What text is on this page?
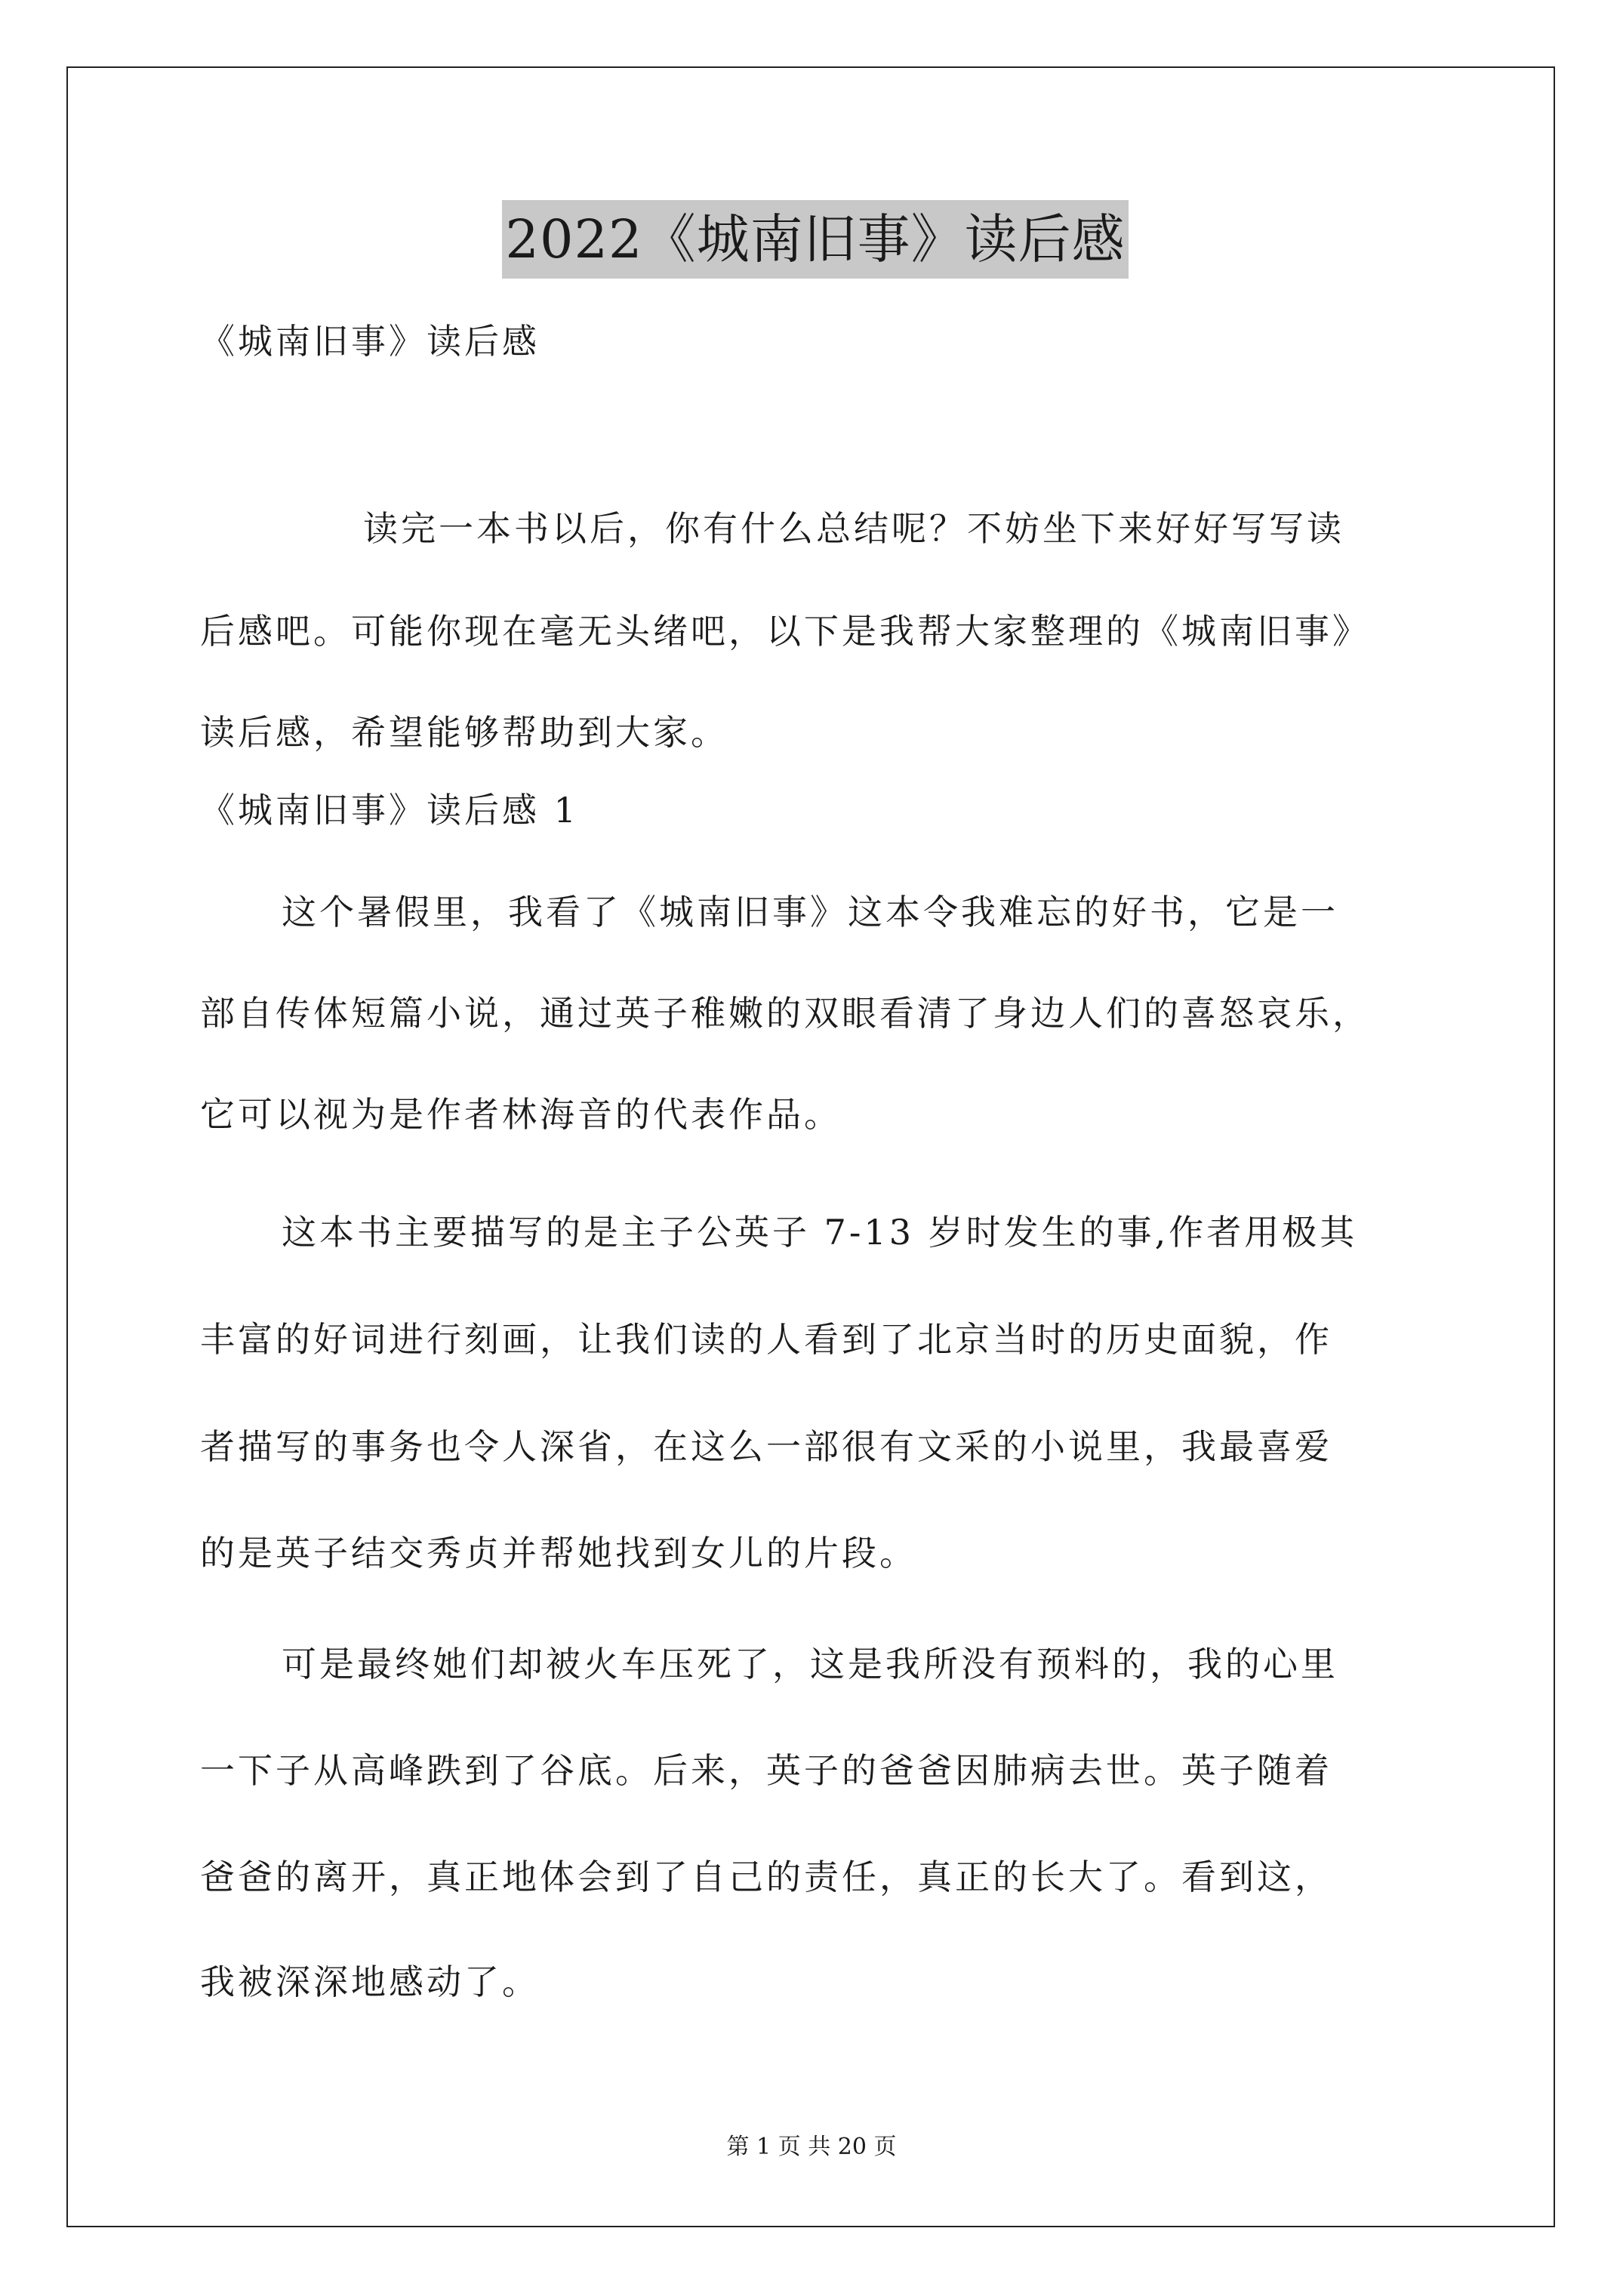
2022《城南旧事》读后感
《城南旧事》读后感
读完一本书以后，你有什么总结呢？不妨坐下来好好写写读
后感吧。可能你现在毫无头绪吧，以下是我帮大家整理的《城南旧事》
读后感，希望能够帮助到大家。
《城南旧事》读后感 1
这个暑假里，我看了《城南旧事》这本令我难忘的好书，它是一
部自传体短篇小说，通过英子稚嫩的双眼看清了身边人们的喜怒哀乐，
它可以视为是作者林海音的代表作品。
这本书主要描写的是主子公英子 7-13 岁时发生的事,作者用极其
丰富的好词进行刻画，让我们读的人看到了北京当时的历史面貌，作
者描写的事务也令人深省，在这么一部很有文采的小说里，我最喜爱
的是英子结交秀贞并帮她找到女儿的片段。
可是最终她们却被火车压死了，这是我所没有预料的，我的心里
一下子从高峰跌到了谷底。后来，英子的爸爸因肺病去世。英子随着
爸爸的离开，真正地体会到了自己的责任，真正的长大了。看到这，
我被深深地感动了。
第 1 页 共 20 页
